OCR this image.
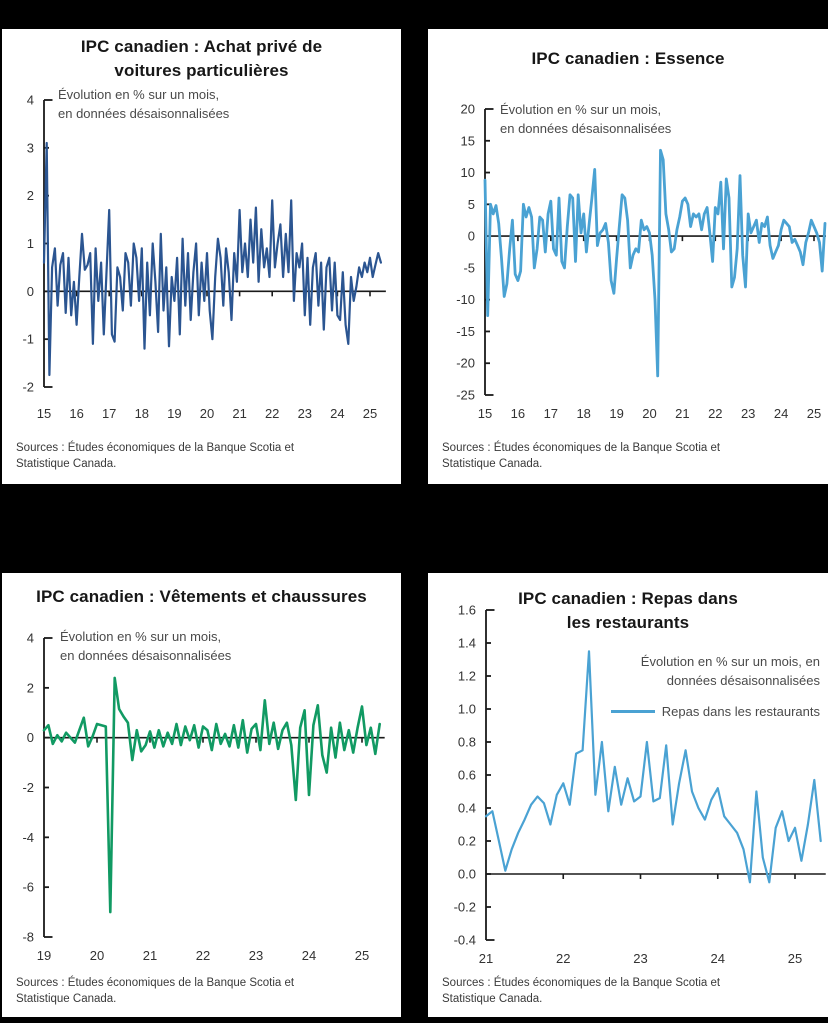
IPC canadien : Achat privé de
voitures particulières
-2
-1
0
1
2
3
4
15 16 17 18 19 20 21 22 23 24 25
Évolution en % sur un mois,
en données désaisonnalisées
Sources : Études économiques de la Banque Scotia et Statistique Canada.
IPC canadien : Essence
-25
-20
-15
-10
-5
0
5
10
15
20
15 16 17 18 19 20 21 22 23 24 25
Évolution en % sur un mois,
en données désaisonnalisées
Sources : Études économiques de la Banque Scotia et Statistique Canada.
IPC canadien : Vêtements et chaussures
-8
-6
-4
-2
0
2
4
19	20	21	22	23	24	25
Évolution en % sur un mois,
en données désaisonnalisées
Sources : Études économiques de la Banque Scotia et Statistique Canada.
IPC canadien : Repas dans
les restaurants
-0.4
-0.2
0.0
0.2
0.4
0.6
0.8
1.0
1.2
1.4
1.6
21	22	23	24	25
Évolution en % sur un mois, en
données désaisonnalisées
Repas dans les restaurants
Sources : Études économiques de la Banque Scotia et Statistique Canada.
